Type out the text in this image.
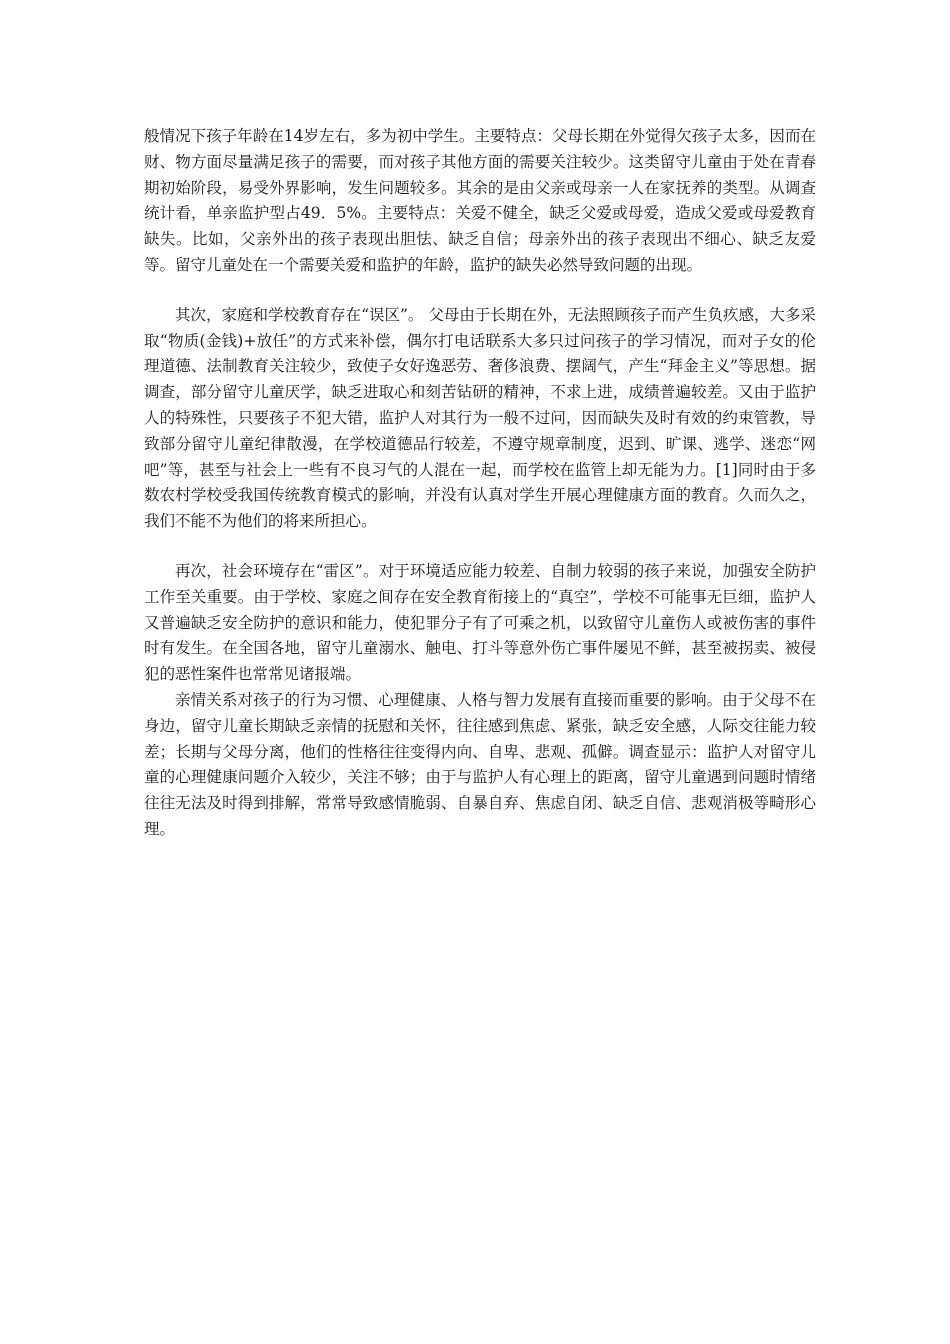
般情况下孩子年龄在14岁左右，多为初中学生。主要特点：父母长期在外觉得欠孩子太多，因而在财、物方面尽量满足孩子的需要，而对孩子其他方面的需要关注较少。这类留守儿童由于处在青春期初始阶段，易受外界影响，发生问题较多。其余的是由父亲或母亲一人在家抚养的类型。从调查统计看，单亲监护型占49．5%。主要特点：关爱不健全，缺乏父爱或母爱，造成父爱或母爱教育缺失。比如，父亲外出的孩子表现出胆怯、缺乏自信；母亲外出的孩子表现出不细心、缺乏友爱等。留守儿童处在一个需要关爱和监护的年龄，监护的缺失必然导致问题的出现。

其次，家庭和学校教育存在“误区”。 父母由于长期在外，无法照顾孩子而产生负疚感，大多采取“物质(金钱)+放任”的方式来补偿，偶尔打电话联系大多只过问孩子的学习情况，而对子女的伦理道德、法制教育关注较少，致使子女好逸恶劳、奢侈浪费、摆阔气，产生“拜金主义”等思想。据调查，部分留守儿童厌学，缺乏进取心和刻苦钻研的精神，不求上进，成绩普遍较差。又由于监护人的特殊性，只要孩子不犯大错，监护人对其行为一般不过问，因而缺失及时有效的约束管教，导致部分留守儿童纪律散漫，在学校道德品行较差，不遵守规章制度，迟到、旷课、逃学、迷恋“网吧”等，甚至与社会上一些有不良习气的人混在一起，而学校在监管上却无能为力。[1]同时由于多数农村学校受我国传统教育模式的影响，并没有认真对学生开展心理健康方面的教育。久而久之，我们不能不为他们的将来所担心。

再次，社会环境存在“雷区”。对于环境适应能力较差、自制力较弱的孩子来说，加强安全防护工作至关重要。由于学校、家庭之间存在安全教育衔接上的“真空”，学校不可能事无巨细，监护人又普遍缺乏安全防护的意识和能力，使犯罪分子有了可乘之机，以致留守儿童伤人或被伤害的事件时有发生。在全国各地，留守儿童溺水、触电、打斗等意外伤亡事件屡见不鲜，甚至被拐卖、被侵犯的恶性案件也常常见诸报端。

亲情关系对孩子的行为习惯、心理健康、人格与智力发展有直接而重要的影响。由于父母不在身边，留守儿童长期缺乏亲情的抚慰和关怀，往往感到焦虑、紧张，缺乏安全感，人际交往能力较差；长期与父母分离，他们的性格往往变得内向、自卑、悲观、孤僻。调查显示：监护人对留守儿童的心理健康问题介入较少，关注不够；由于与监护人有心理上的距离，留守儿童遇到问题时情绪往往无法及时得到排解，常常导致感情脆弱、自暴自弃、焦虑自闭、缺乏自信、悲观消极等畸形心理。
